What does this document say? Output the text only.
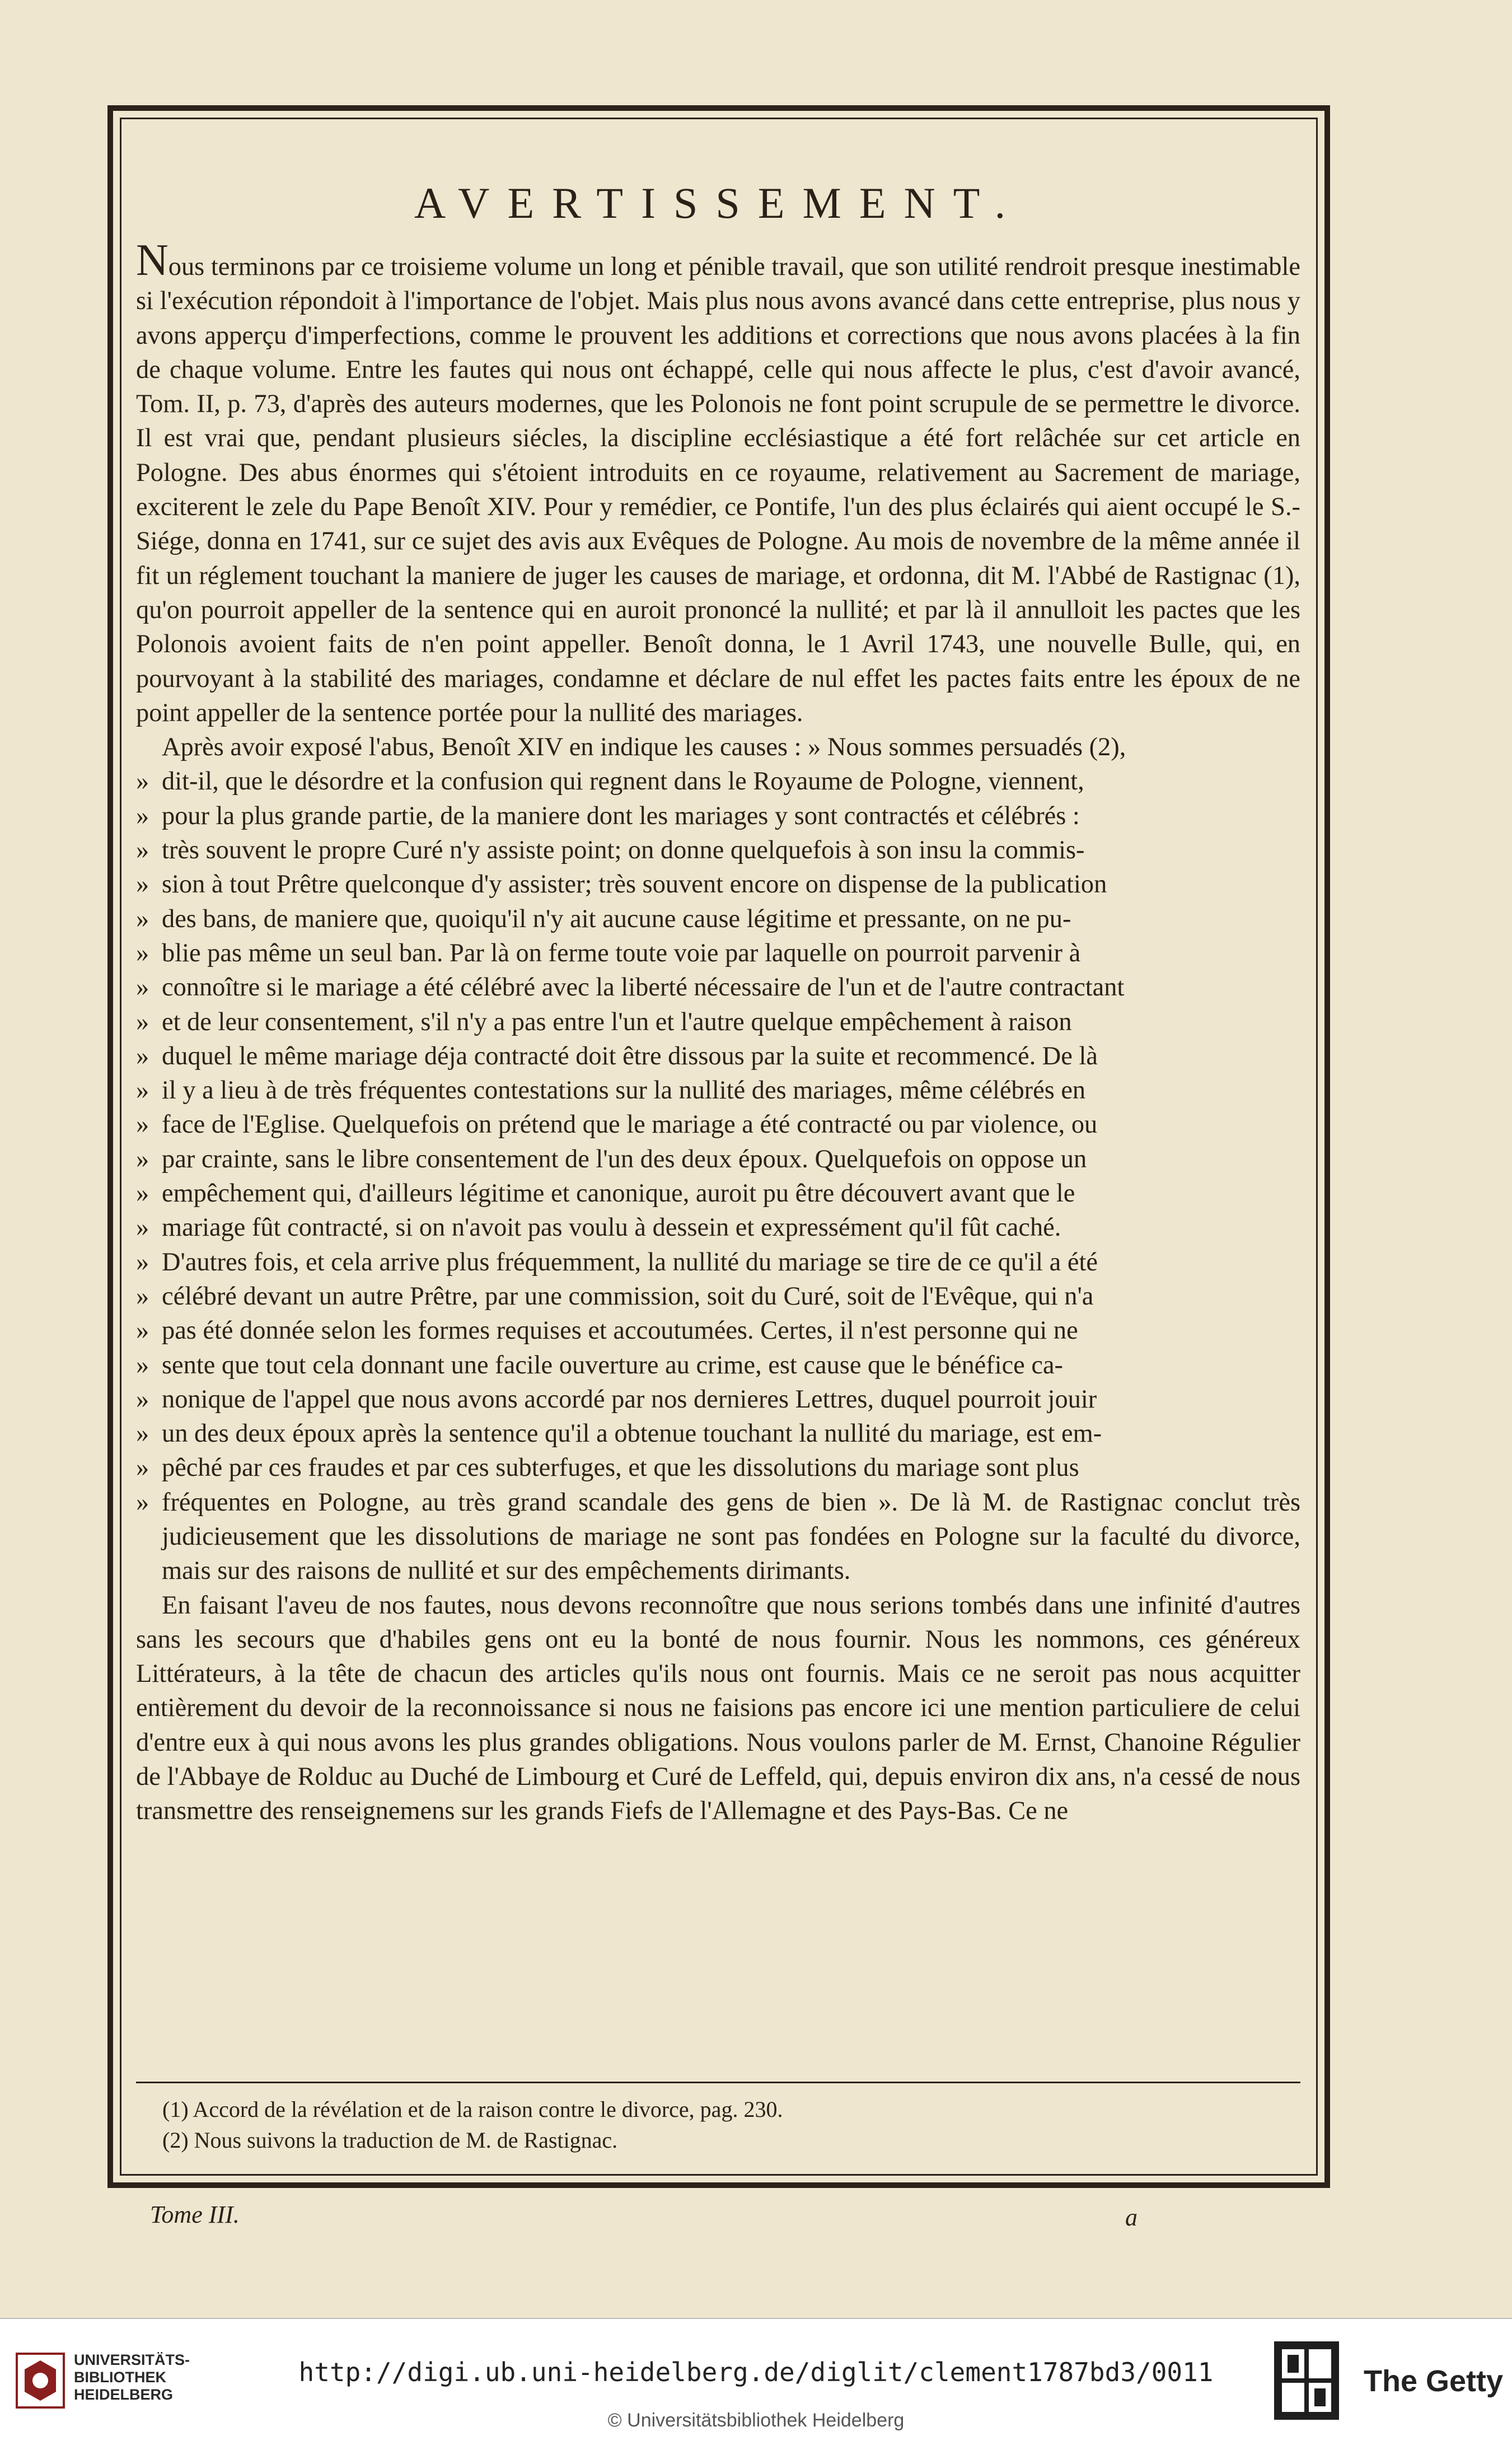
AVERTISSEMENT.

Nous terminons par ce troisieme volume un long et pénible travail, que son utilité rendroit presque inestimable si l'exécution répondoit à l'importance de l'objet. Mais plus nous avons avancé dans cette entreprise, plus nous y avons apperçu d'imperfections, comme le prouvent les additions et corrections que nous avons placées à la fin de chaque volume. Entre les fautes qui nous ont échappé, celle qui nous affecte le plus, c'est d'avoir avancé, Tom. II, p. 73, d'après des auteurs modernes, que les Polonois ne font point scrupule de se permettre le divorce. Il est vrai que, pendant plusieurs siécles, la discipline ecclésiastique a été fort relâchée sur cet article en Pologne. Des abus énormes qui s'étoient introduits en ce royaume, relativement au Sacrement de mariage, exciterent le zele du Pape Benoît XIV. Pour y remédier, ce Pontife, l'un des plus éclairés qui aient occupé le S.-Siége, donna en 1741, sur ce sujet des avis aux Evêques de Pologne. Au mois de novembre de la même année il fit un réglement touchant la maniere de juger les causes de mariage, et ordonna, dit M. l'Abbé de Rastignac (1), qu'on pourroit appeller de la sentence qui en auroit prononcé la nullité; et par là il annulloit les pactes que les Polonois avoient faits de n'en point appeller. Benoît donna, le 1 Avril 1743, une nouvelle Bulle, qui, en pourvoyant à la stabilité des mariages, condamne et déclare de nul effet les pactes faits entre les époux de ne point appeller de la sentence portée pour la nullité des mariages.

Après avoir exposé l'abus, Benoît XIV en indique les causes : » Nous sommes persuadés (2),
» dit-il, que le désordre et la confusion qui regnent dans le Royaume de Pologne, viennent,
» pour la plus grande partie, de la maniere dont les mariages y sont contractés et célébrés :
» très souvent le propre Curé n'y assiste point; on donne quelquefois à son insu la commis-
» sion à tout Prêtre quelconque d'y assister; très souvent encore on dispense de la publication
» des bans, de maniere que, quoiqu'il n'y ait aucune cause légitime et pressante, on ne pu-
» blie pas même un seul ban. Par là on ferme toute voie par laquelle on pourroit parvenir à
» connoître si le mariage a été célébré avec la liberté nécessaire de l'un et de l'autre contractant
» et de leur consentement, s'il n'y a pas entre l'un et l'autre quelque empêchement à raison
» duquel le même mariage déja contracté doit être dissous par la suite et recommencé. De là
» il y a lieu à de très fréquentes contestations sur la nullité des mariages, même célébrés en
» face de l'Eglise. Quelquefois on prétend que le mariage a été contracté ou par violence, ou
» par crainte, sans le libre consentement de l'un des deux époux. Quelquefois on oppose un
» empêchement qui, d'ailleurs légitime et canonique, auroit pu être découvert avant que le
» mariage fût contracté, si on n'avoit pas voulu à dessein et expressément qu'il fût caché.
» D'autres fois, et cela arrive plus fréquemment, la nullité du mariage se tire de ce qu'il a été
» célébré devant un autre Prêtre, par une commission, soit du Curé, soit de l'Evêque, qui n'a
» pas été donnée selon les formes requises et accoutumées. Certes, il n'est personne qui ne
» sente que tout cela donnant une facile ouverture au crime, est cause que le bénéfice ca-
» nonique de l'appel que nous avons accordé par nos dernieres Lettres, duquel pourroit jouir
» un des deux époux après la sentence qu'il a obtenue touchant la nullité du mariage, est em-
» pêché par ces fraudes et par ces subterfuges, et que les dissolutions du mariage sont plus
» fréquentes en Pologne, au très grand scandale des gens de bien ». De là M. de Rastignac conclut très judicieusement que les dissolutions de mariage ne sont pas fondées en Pologne sur la faculté du divorce, mais sur des raisons de nullité et sur des empêchements dirimants.

En faisant l'aveu de nos fautes, nous devons reconnoître que nous serions tombés dans une infinité d'autres sans les secours que d'habiles gens ont eu la bonté de nous fournir. Nous les nommons, ces généreux Littérateurs, à la tête de chacun des articles qu'ils nous ont fournis. Mais ce ne seroit pas nous acquitter entièrement du devoir de la reconnoissance si nous ne faisions pas encore ici une mention particuliere de celui d'entre eux à qui nous avons les plus grandes obligations. Nous voulons parler de M. Ernst, Chanoine Régulier de l'Abbaye de Rolduc au Duché de Limbourg et Curé de Leffeld, qui, depuis environ dix ans, n'a cessé de nous transmettre des renseignemens sur les grands Fiefs de l'Allemagne et des Pays-Bas. Ce ne

(1) Accord de la révélation et de la raison contre le divorce, pag. 230.

(2) Nous suivons la traduction de M. de Rastignac.

Tome III.	a
UNIVERSITÄTS-
BIBLIOTHEK
HEIDELBERG
http://digi.ub.uni-heidelberg.de/diglit/clement1787bd3/0011
© Universitätsbibliothek Heidelberg
The Getty
